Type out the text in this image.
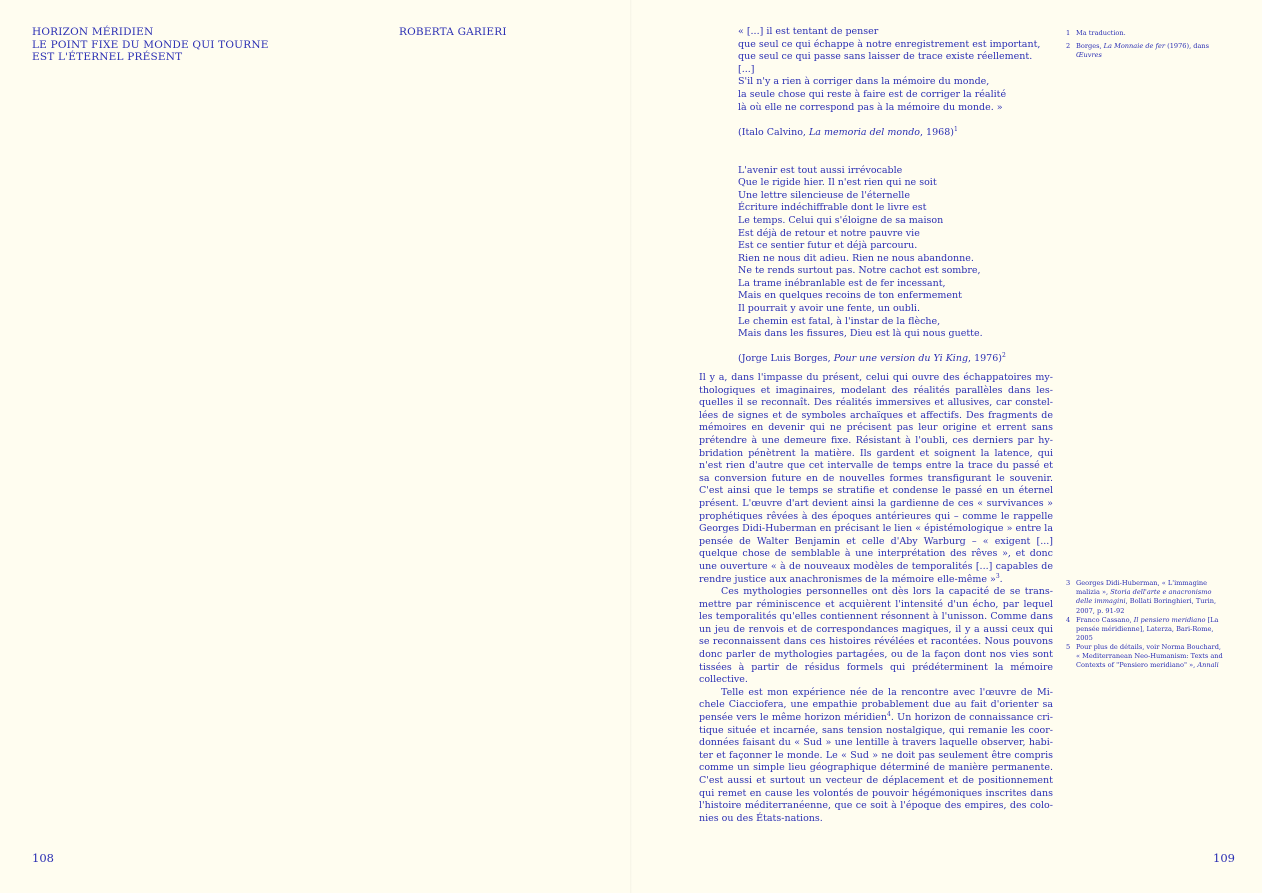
HORIZON MÉRIDIEN
LE POINT FIXE DU MONDE QUI TOURNE
EST L'ÉTERNEL PRÉSENT
ROBERTA GARIERI	« [...] il est tentant de penser
que seul ce qui échappe à notre enregistrement est important,
que seul ce qui passe sans laisser de trace existe réellement.
[...]
S'il n'y a rien à corriger dans la mémoire du monde,
la seule chose qui reste à faire est de corriger la réalité
là où elle ne correspond pas à la mémoire du monde. »
(Italo Calvino, La memoria del mondo, 1968)$^1$
L'avenir est tout aussi irrévocable
Que le rigide hier. Il n'est rien qui ne soit
Une lettre silencieuse de l'éternelle
Écriture indéchiffrable dont le livre est
Le temps. Celui qui s'éloigne de sa maison
Est déjà de retour et notre pauvre vie
Est ce sentier futur et déjà parcouru.
Rien ne nous dit adieu. Rien ne nous abandonne.
Ne te rends surtout pas. Notre cachot est sombre,
La trame inébranlable est de fer incessant,
Mais en quelques recoins de ton enfermement
Il pourrait y avoir une fente, un oubli.
Le chemin est fatal, à l'instar de la flèche,
Mais dans les fissures, Dieu est là qui nous guette.
(Jorge Luis Borges, Pour une version du Yi King, 1976)$^2$

Il y a, dans l'impasse du présent, celui qui ouvre des échappatoires mythologiques et imaginaires, modelant des réalités parallèles dans lesquelles il se reconnaît. Des réalités immersives et allusives, car constellées de signes et de symboles archaïques et affectifs. Des fragments de mémoires en devenir qui ne précisent pas leur origine et errent sans prétendre à une demeure fixe. Résistant à l'oubli, ces derniers par hybridation pénètrent la matière. Ils gardent et soignent la latence, qui n'est rien d'autre que cet intervalle de temps entre la trace du passé et sa conversion future en de nouvelles formes transfigurant le souvenir. C'est ainsi que le temps se stratifie et condense le passé en un éternel présent. L'œuvre d'art devient ainsi la gardienne de ces « survivances » prophétiques rêvées à des époques antérieures qui – comme le rappelle Georges Didi-Huberman en précisant le lien « épistémologique » entre la pensée de Walter Benjamin et celle d'Aby Warburg – « exigent [...] quelque chose de semblable à une interprétation des rêves », et donc une ouverture « à de nouveaux modèles de temporalités [...] capables de rendre justice aux anachronismes de la mémoire elle-même »$^3$.

Ces mythologies personnelles ont dès lors la capacité de se transmettre par réminiscence et acquièrent l'intensité d'un écho, par lequel les temporalités qu'elles contiennent résonnent à l'unisson. Comme dans un jeu de renvois et de correspondances magiques, il y a aussi ceux qui se reconnaissent dans ces histoires révélées et racontées. Nous pouvons donc parler de mythologies partagées, ou de la façon dont nos vies sont tissées à partir de résidus formels qui prédéterminent la mémoire collective.

Telle est mon expérience née de la rencontre avec l'œuvre de Michele Ciacciofera, une empathie probablement due au fait d'orienter sa pensée vers le même horizon méridien$^4$. Un horizon de connaissance critique située et incarnée, sans tension nostalgique, qui remanie les coordonnées faisant du « Sud » une lentille à travers laquelle observer, habiter et façonner le monde. Le « Sud » ne doit pas seulement être compris comme un simple lieu géographique déterminé de manière permanente. C'est aussi et surtout un vecteur de déplacement et de positionnement qui remet en cause les volontés de pouvoir hégémoniques inscrites dans l'histoire méditerranéenne, que ce soit à l'époque des empires, des colonies ou des États-nations.

1 Ma traduction.
2 Borges, La Monnaie de fer (1976), dans Œuvres
3 Georges Didi-Huberman, « L'immagine malizia », Storia dell'arte e anacronismo delle immagini, Bollati Boringhieri, Turin, 2007, p. 91-92
4 Franco Cassano, Il pensiero meridiano [La pensée méridienne], Laterza, Bari-Rome, 2005
5 Pour plus de détails, voir Norma Bouchard, « Mediterranean Neo-Humanism: Texts and Contexts of "Pensiero meridiano" », Annali
108	109
